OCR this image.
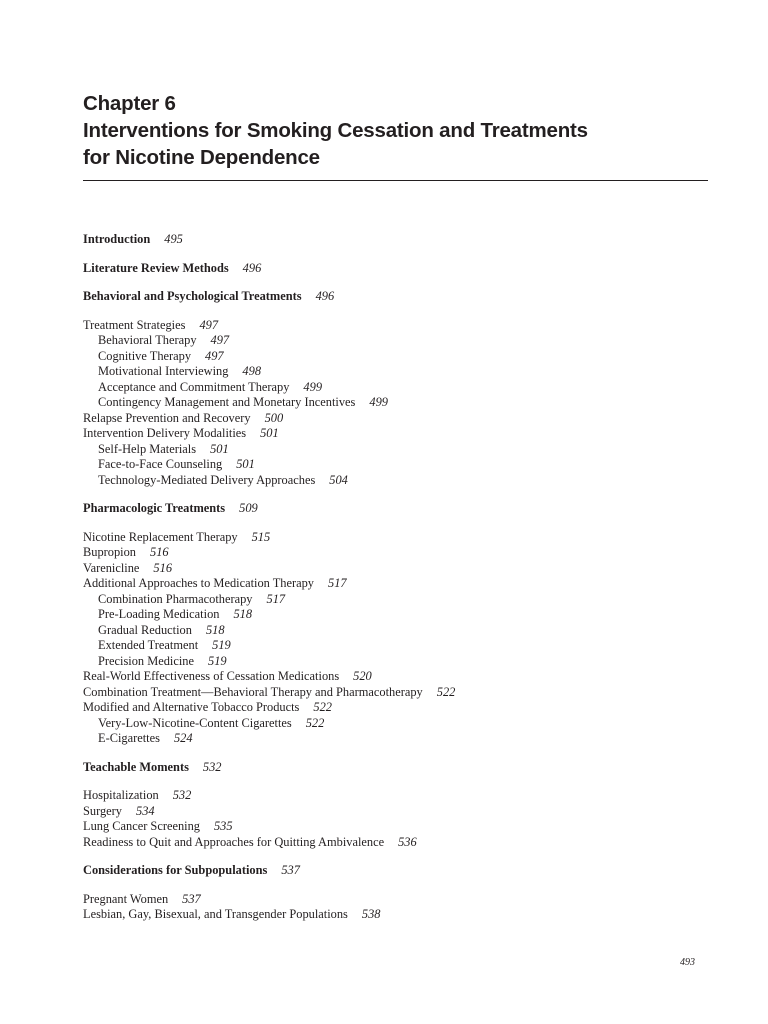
Chapter 6
Interventions for Smoking Cessation and Treatments
for Nicotine Dependence
Introduction 495
Literature Review Methods 496
Behavioral and Psychological Treatments 496
Treatment Strategies 497
Behavioral Therapy 497
Cognitive Therapy 497
Motivational Interviewing 498
Acceptance and Commitment Therapy 499
Contingency Management and Monetary Incentives 499
Relapse Prevention and Recovery 500
Intervention Delivery Modalities 501
Self-Help Materials 501
Face-to-Face Counseling 501
Technology-Mediated Delivery Approaches 504
Pharmacologic Treatments 509
Nicotine Replacement Therapy 515
Bupropion 516
Varenicline 516
Additional Approaches to Medication Therapy 517
Combination Pharmacotherapy 517
Pre-Loading Medication 518
Gradual Reduction 518
Extended Treatment 519
Precision Medicine 519
Real-World Effectiveness of Cessation Medications 520
Combination Treatment—Behavioral Therapy and Pharmacotherapy 522
Modified and Alternative Tobacco Products 522
Very-Low-Nicotine-Content Cigarettes 522
E-Cigarettes 524
Teachable Moments 532
Hospitalization 532
Surgery 534
Lung Cancer Screening 535
Readiness to Quit and Approaches for Quitting Ambivalence 536
Considerations for Subpopulations 537
Pregnant Women 537
Lesbian, Gay, Bisexual, and Transgender Populations 538
493
